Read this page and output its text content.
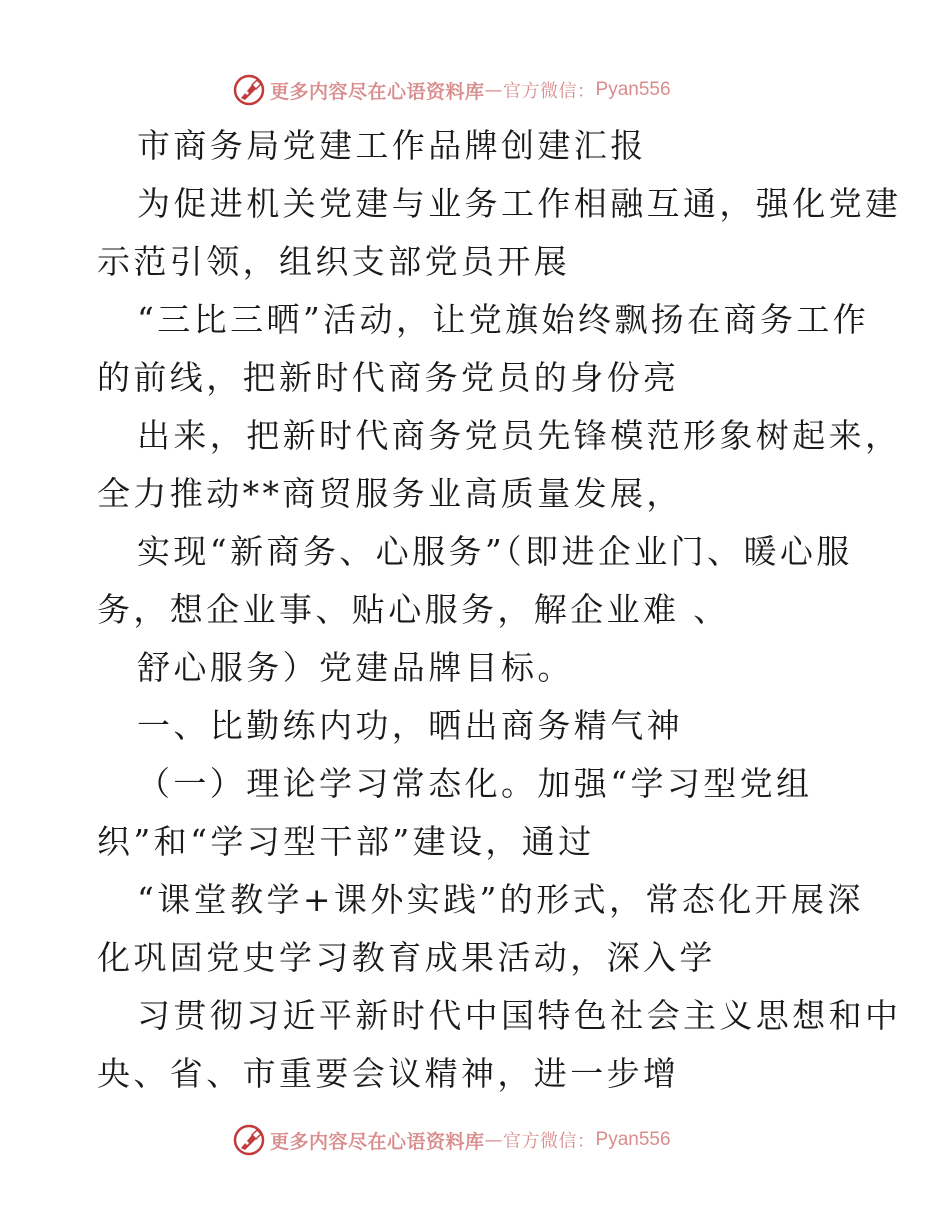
更多内容尽在心语资料库 — 官方微信： Pyan556
市商务局党建工作品牌创建汇报
为促进机关党建与业务工作相融互通，强化党建
示范引领，组织支部党员开展
“三比三晒”活动，让党旗始终飘扬在商务工作
的前线，把新时代商务党员的身份亮
出来，把新时代商务党员先锋模范形象树起来，
全力推动**商贸服务业高质量发展，
实现“新商务、心服务”（即进企业门、暖心服
务，想企业事、贴心服务，解企业难 、
舒心服务）党建品牌目标。
一、比勤练内功，晒出商务精气神
（一）理论学习常态化。加强“学习型党组
织”和“学习型干部”建设，通过
“课堂教学+课外实践”的形式，常态化开展深
化巩固党史学习教育成果活动，深入学
习贯彻习近平新时代中国特色社会主义思想和中
央、省、市重要会议精神，进一步增
更多内容尽在心语资料库 — 官方微信： Pyan556
